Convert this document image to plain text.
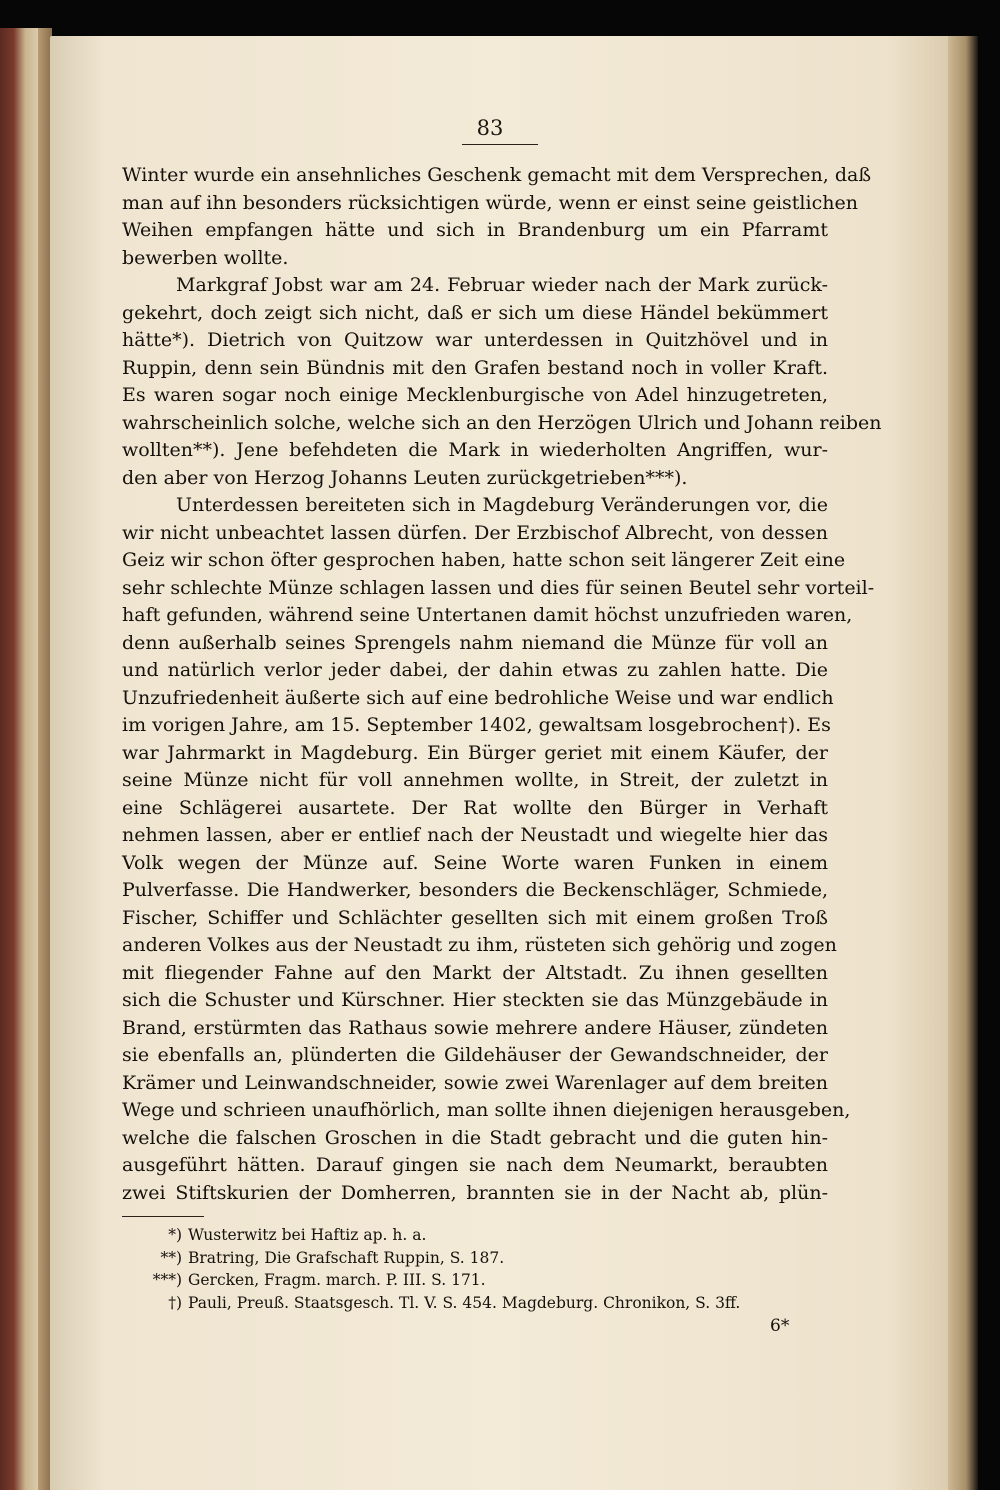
83
Winter wurde ein ansehnliches Geschenk gemacht mit dem Versprechen, daß
man auf ihn besonders rücksichtigen würde, wenn er einst seine geistlichen
Weihen empfangen hätte und sich in Brandenburg um ein Pfarramt
bewerben wollte.
Markgraf Jobst war am 24. Februar wieder nach der Mark zurück-
gekehrt, doch zeigt sich nicht, daß er sich um diese Händel bekümmert
hätte*). Dietrich von Quitzow war unterdessen in Quitzhövel und in
Ruppin, denn sein Bündnis mit den Grafen bestand noch in voller Kraft.
Es waren sogar noch einige Mecklenburgische von Adel hinzugetreten,
wahrscheinlich solche, welche sich an den Herzögen Ulrich und Johann reiben
wollten**). Jene befehdeten die Mark in wiederholten Angriffen, wur-
den aber von Herzog Johanns Leuten zurückgetrieben***).
Unterdessen bereiteten sich in Magdeburg Veränderungen vor, die
wir nicht unbeachtet lassen dürfen. Der Erzbischof Albrecht, von dessen
Geiz wir schon öfter gesprochen haben, hatte schon seit längerer Zeit eine
sehr schlechte Münze schlagen lassen und dies für seinen Beutel sehr vorteil-
haft gefunden, während seine Untertanen damit höchst unzufrieden waren,
denn außerhalb seines Sprengels nahm niemand die Münze für voll an
und natürlich verlor jeder dabei, der dahin etwas zu zahlen hatte. Die
Unzufriedenheit äußerte sich auf eine bedrohliche Weise und war endlich
im vorigen Jahre, am 15. September 1402, gewaltsam losgebrochen†). Es
war Jahrmarkt in Magdeburg. Ein Bürger geriet mit einem Käufer, der
seine Münze nicht für voll annehmen wollte, in Streit, der zuletzt in
eine Schlägerei ausartete. Der Rat wollte den Bürger in Verhaft
nehmen lassen, aber er entlief nach der Neustadt und wiegelte hier das
Volk wegen der Münze auf. Seine Worte waren Funken in einem
Pulverfasse. Die Handwerker, besonders die Beckenschläger, Schmiede,
Fischer, Schiffer und Schlächter gesellten sich mit einem großen Troß
anderen Volkes aus der Neustadt zu ihm, rüsteten sich gehörig und zogen
mit fliegender Fahne auf den Markt der Altstadt. Zu ihnen gesellten
sich die Schuster und Kürschner. Hier steckten sie das Münzgebäude in
Brand, erstürmten das Rathaus sowie mehrere andere Häuser, zündeten
sie ebenfalls an, plünderten die Gildehäuser der Gewandschneider, der
Krämer und Leinwandschneider, sowie zwei Warenlager auf dem breiten
Wege und schrieen unaufhörlich, man sollte ihnen diejenigen herausgeben,
welche die falschen Groschen in die Stadt gebracht und die guten hin-
ausgeführt hätten. Darauf gingen sie nach dem Neumarkt, beraubten
zwei Stiftskurien der Domherren, brannten sie in der Nacht ab, plün-
*) Wusterwitz bei Haftiz ap. h. a.
**) Bratring, Die Grafschaft Ruppin, S. 187.
***) Gercken, Fragm. march. P. III. S. 171.
†) Pauli, Preuß. Staatsgesch. Tl. V. S. 454. Magdeburg. Chronikon, S. 3ff.
6*
